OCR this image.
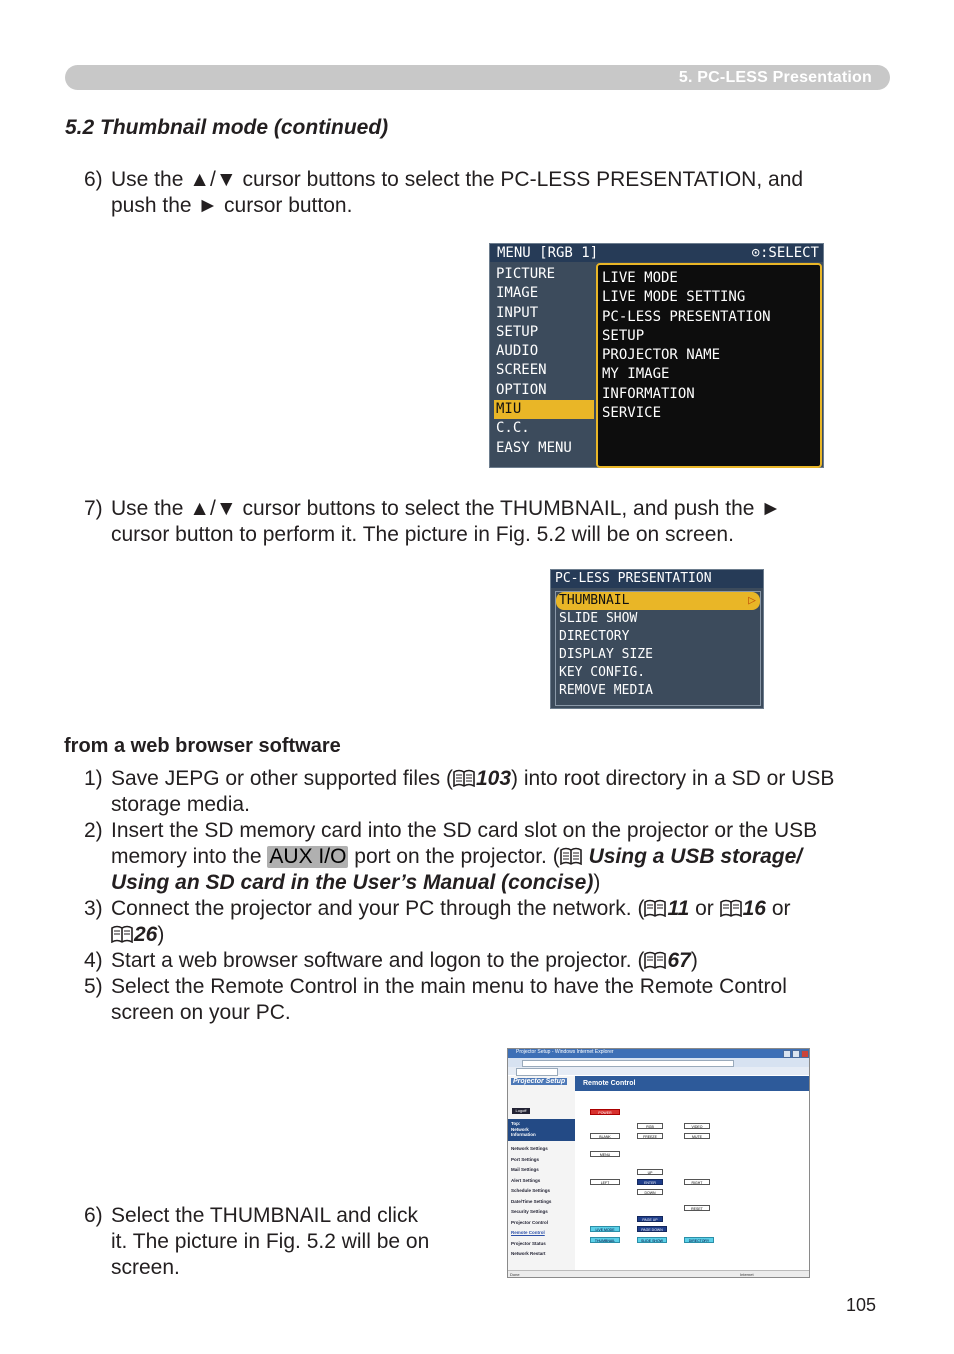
5. PC-LESS Presentation
5.2 Thumbnail mode (continued)
6) Use the ▲/▼ cursor buttons to select the PC-LESS PRESENTATION, and
push the ► cursor button.
MENU [RGB 1]	⊙:SELECT
PICTURE
IMAGE
INPUT
SETUP
AUDIO
SCREEN
OPTION
MIU
C.C.
EASY MENU
LIVE MODE
LIVE MODE SETTING
PC-LESS PRESENTATION
SETUP
PROJECTOR NAME
MY IMAGE
INFORMATION
SERVICE
7) Use the ▲/▼ cursor buttons to select the THUMBNAIL, and push the ►
cursor button to perform it. The picture in Fig. 5.2 will be on screen.
PC-LESS PRESENTATION
THUMBNAIL	▷
SLIDE SHOW
DIRECTORY
DISPLAY SIZE
KEY CONFIG.
REMOVE MEDIA
from a web browser software
1) Save JEPG or other supported files ( 103) into root directory in a SD or USB
storage media.
2) Insert the SD memory card into the SD card slot on the projector or the USB
memory into the AUX I/O port on the projector. ( Using a USB storage/
Using an SD card in the User’s Manual (concise))
3) Connect the projector and your PC through the network. ( 11 or 16 or
26)
4) Start a web browser software and logon to the projector. ( 67)
5) Select the Remote Control in the main menu to have the Remote Control
screen on your PC.
6) Select the THUMBNAIL and click
it. The picture in Fig. 5.2 will be on
screen.
Projector Setup - Windows Internet Explorer
Projector Setup
Logoff
Top:
Network
Information
Network Settings
Port Settings
Mail Settings
Alert Settings
Schedule Settings
Date/Time Settings
Security Settings
Projector Control
Remote Control
Projector Status
Network Restart
Remote Control
POWER
RGB	VIDEO
BLANK	FREEZE	MUTE
MENU
UP
LEFT	ENTER	RIGHT
DOWN
RESET
PAGE UP
PAGE DOWN
LIVE MODE
THUMBNAIL	SLIDE SHOW	DIRECTORY
Done	Internet
105
